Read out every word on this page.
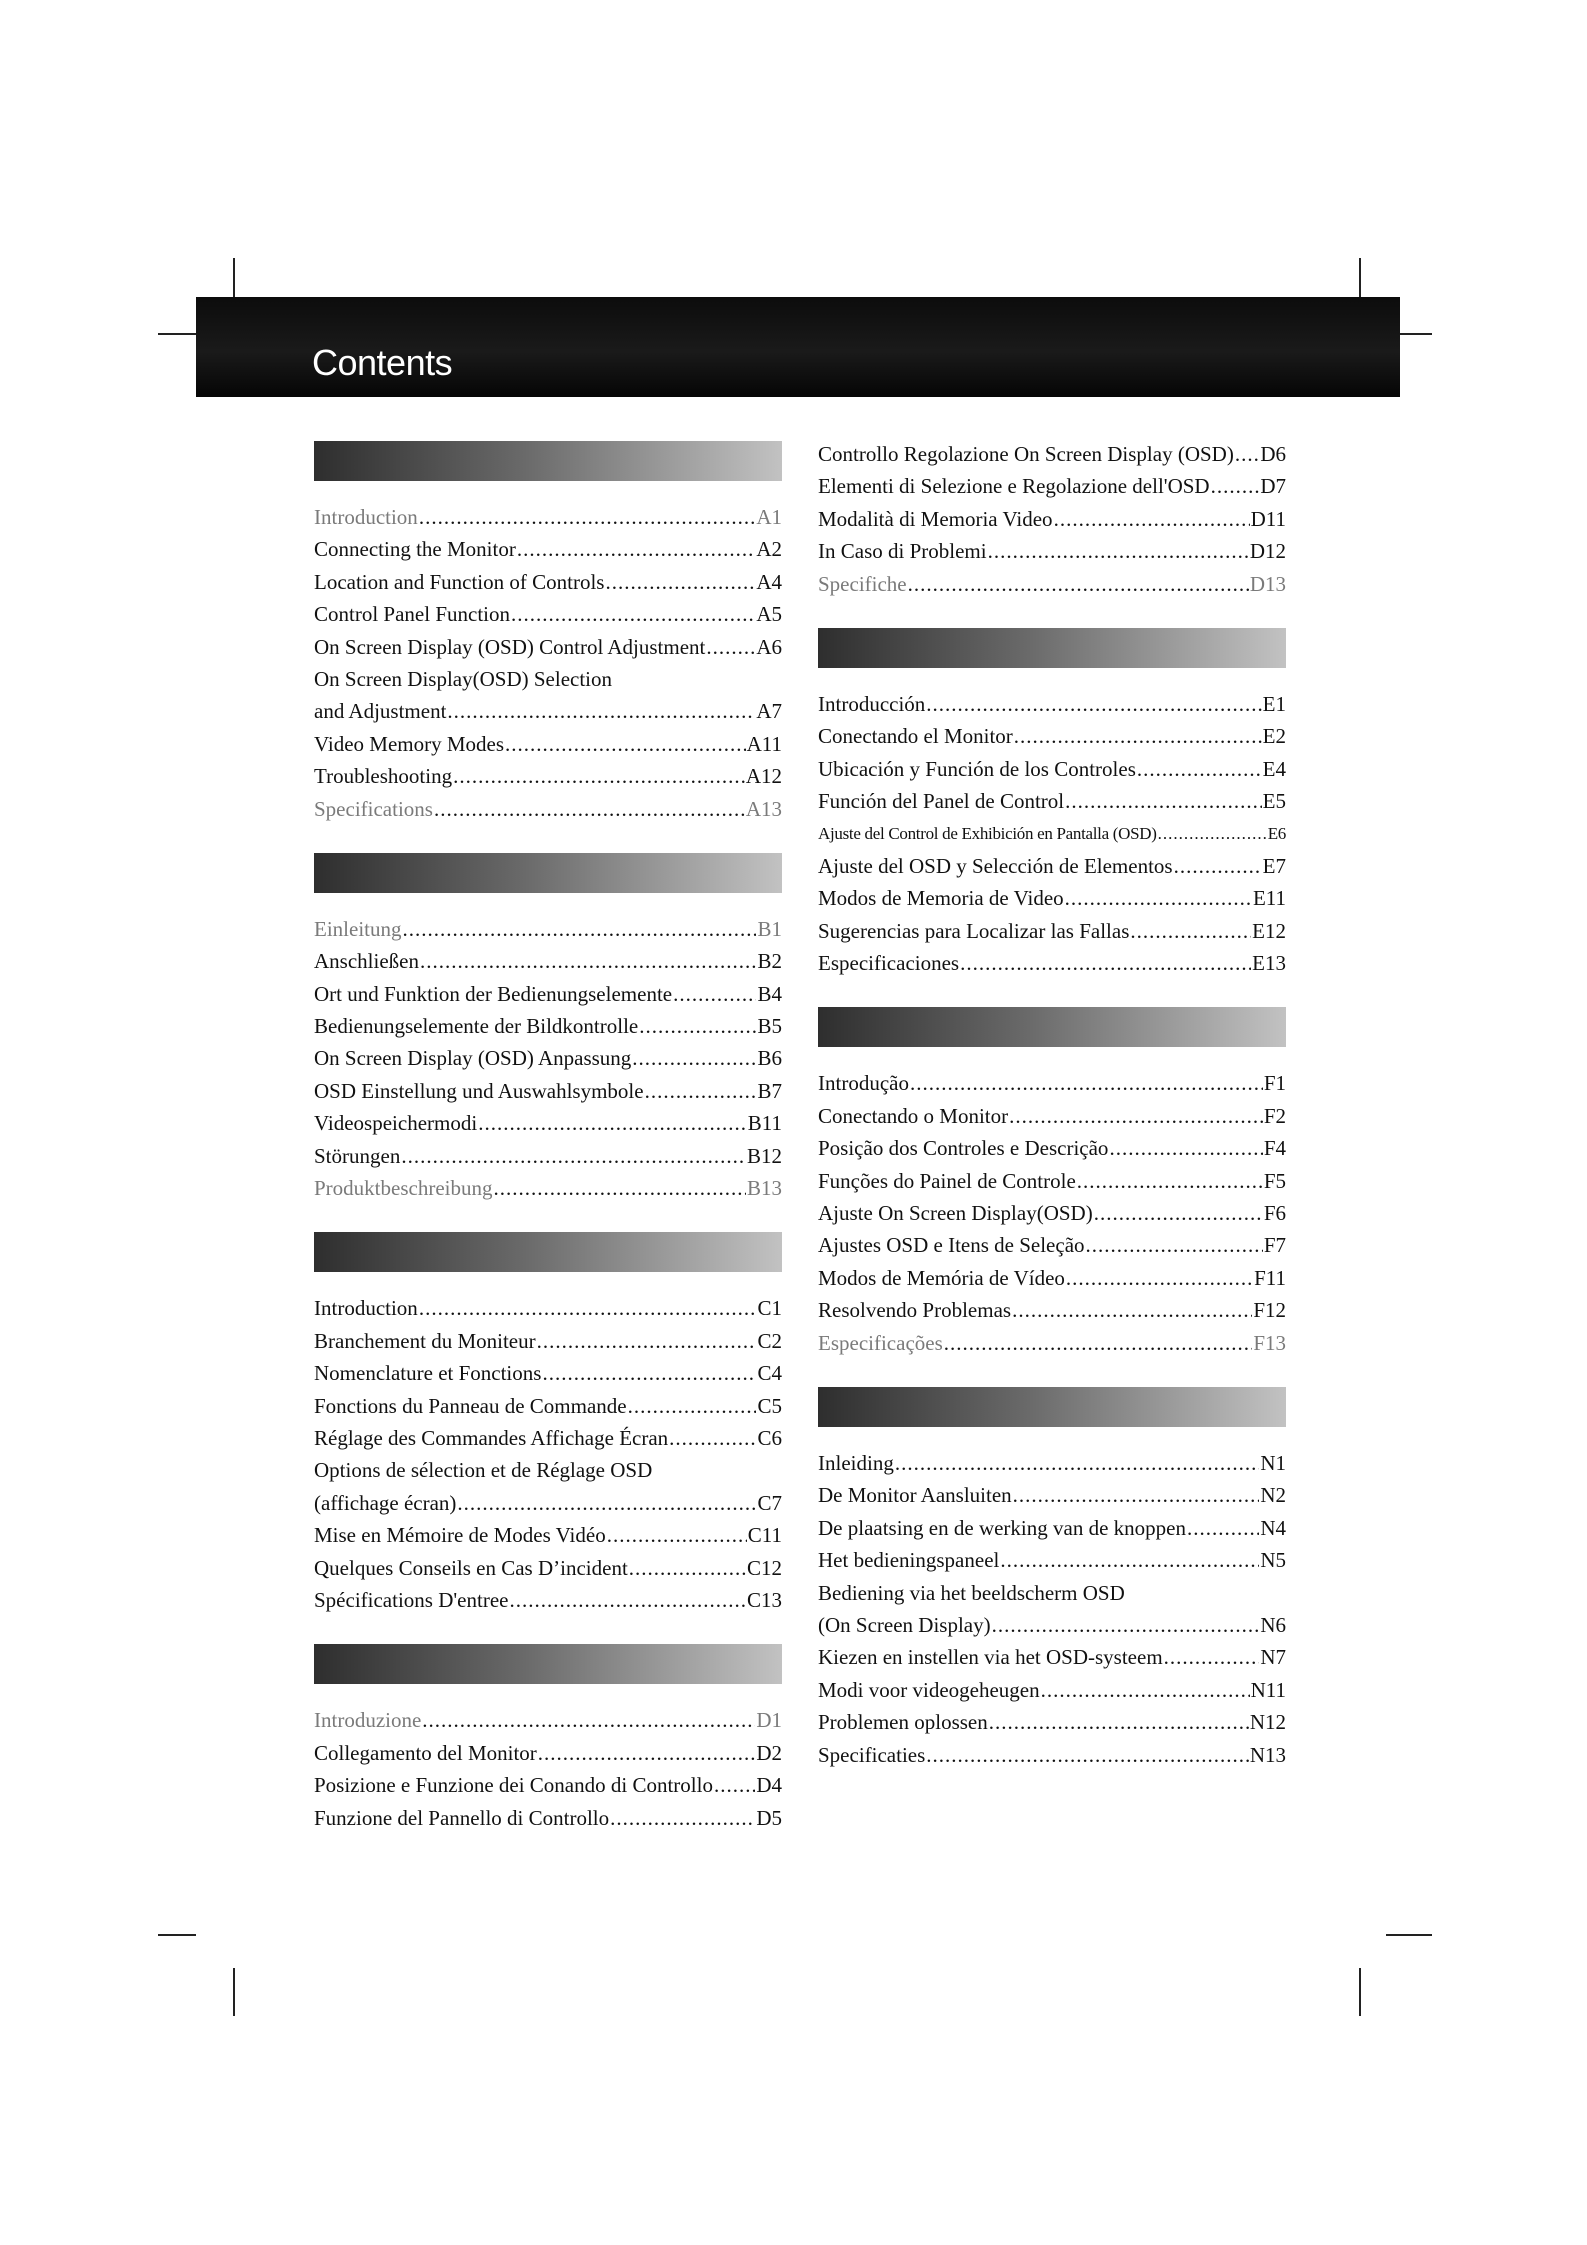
Contents
Introduction .....	A1
Connecting the Monitor .....	A2
Location and Function of Controls .....	A4
Control Panel Function .....	A5
On Screen Display (OSD) Control Adjustment ..... A6
On Screen Display(OSD) Selection
and Adjustment .....	A7
Video Memory Modes .....	A11
Troubleshooting .....	A12
Specifications .....	A13
Einleitung .....	B1
Anschließen .....	B2
Ort und Funktion der Bedienungselemente .....	B4
Bedienungselemente der Bildkontrolle .....	B5
On Screen Display (OSD) Anpassung .....	B6
OSD Einstellung und Auswahlsymbole .....	B7
Videospeichermodi .....	B11
Störungen .....	B12
Produktbeschreibung .....	B13
Introduction .....	C1
Branchement du Moniteur .....	C2
Nomenclature et Fonctions .....	C4
Fonctions du Panneau de Commande .....	C5
Réglage des Commandes Affichage Écran .....	C6
Options de sélection et de Réglage OSD
(affichage écran) .....	C7
Mise en Mémoire de Modes Vidéo .....	C11
Quelques Conseils en Cas D’incident .....	C12
Spécifications D'entree .....	C13
Introduzione .....	D1
Collegamento del Monitor .....	D2
Posizione e Funzione dei Conando di Controllo ..... D4
Funzione del Pannello di Controllo .....	D5
Controllo Regolazione On Screen Display (OSD) ..... D6
Elementi di Selezione e Regolazione dell'OSD ..... D7
Modalità di Memoria Video .....	D11
In Caso di Problemi .....	D12
Specifiche .....	D13
Introducción .....	E1
Conectando el Monitor .....	E2
Ubicación y Función de los Controles .....	E4
Función del Panel de Control .....	E5
Ajuste del Control de Exhibición en Pantalla (OSD) .....	E6
Ajuste del OSD y Selección de Elementos .....	E7
Modos de Memoria de Video .....	E11
Sugerencias para Localizar las Fallas .....	E12
Especificaciones .....	E13
Introdução .....	F1
Conectando o Monitor .....	F2
Posição dos Controles e Descrição .....	F4
Funções do Painel de Controle .....	F5
Ajuste On Screen Display(OSD) .....	F6
Ajustes OSD e Itens de Seleção .....	F7
Modos de Memória de Vídeo .....	F11
Resolvendo Problemas .....	F12
Especificações .....	F13
Inleiding .....	N1
De Monitor Aansluiten .....	N2
De plaatsing en de werking van de knoppen .....	N4
Het bedieningspaneel .....	N5
Bediening via het beeldscherm OSD
(On Screen Display) .....	N6
Kiezen en instellen via het OSD-systeem .....	N7
Modi voor videogeheugen .....	N11
Problemen oplossen .....	N12
Specificaties .....	N13
